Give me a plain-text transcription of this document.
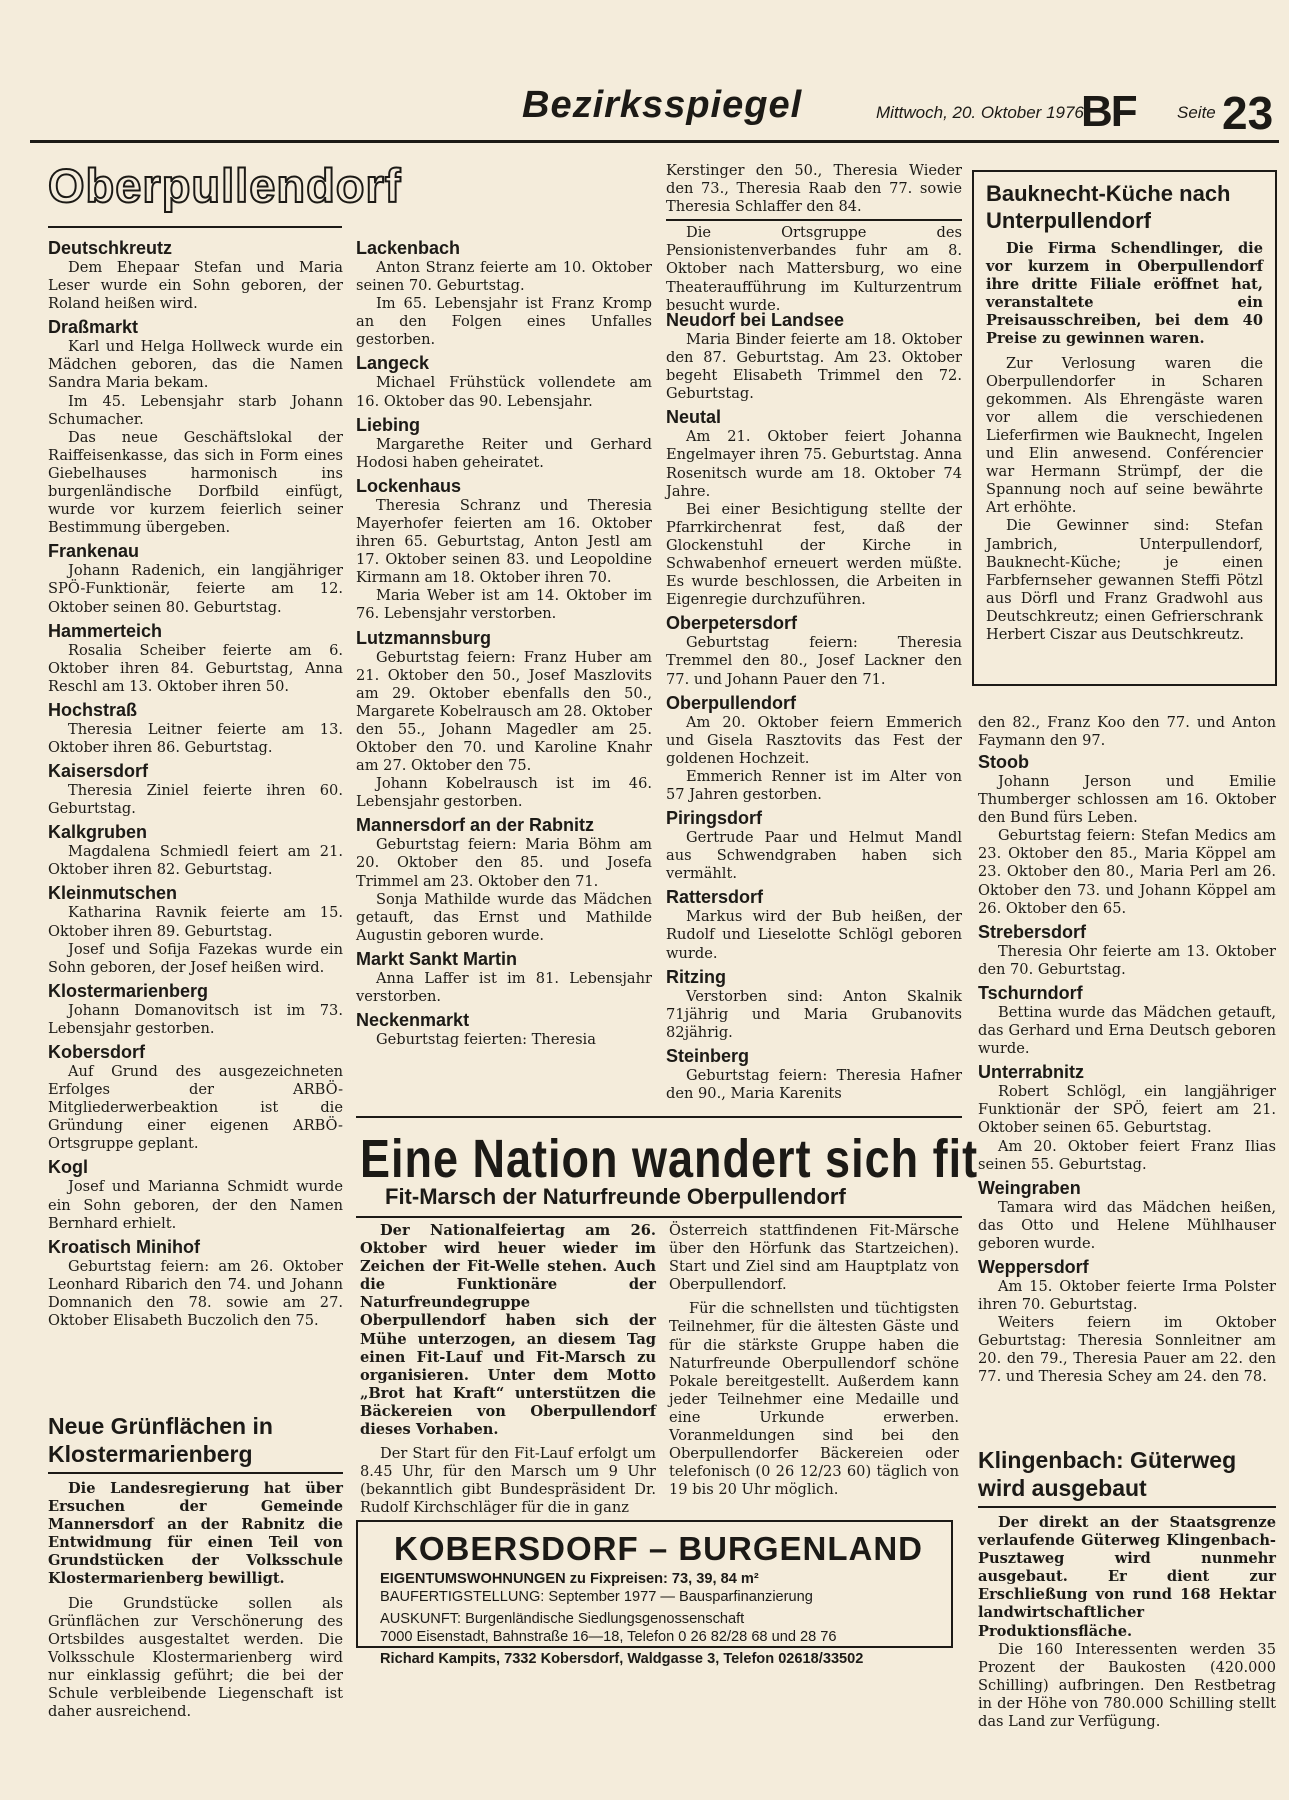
Bezirksspiegel	Mittwoch, 20. Oktober 1976
BF Seite 23
Oberpullendorf
Deutschkreutz

Dem Ehepaar Stefan und Maria Leser wurde ein Sohn geboren, der Roland heißen wird.

Draßmarkt

Karl und Helga Hollweck wurde ein Mädchen geboren, das die Namen Sandra Maria bekam.

Im 45. Lebensjahr starb Johann Schumacher.

Das neue Geschäftslokal der Raiffeisenkasse, das sich in Form eines Giebelhauses harmonisch ins burgenländische Dorfbild einfügt, wurde vor kurzem feierlich seiner Bestimmung übergeben.

Frankenau

Johann Radenich, ein langjähriger SPÖ-Funktionär, feierte am 12. Oktober seinen 80. Geburtstag.

Hammerteich

Rosalia Scheiber feierte am 6. Oktober ihren 84. Geburtstag, Anna Reschl am 13. Oktober ihren 50.

Hochstraß

Theresia Leitner feierte am 13. Oktober ihren 86. Geburtstag.

Kaisersdorf

Theresia Ziniel feierte ihren 60. Geburtstag.

Kalkgruben

Magdalena Schmiedl feiert am 21. Oktober ihren 82. Geburtstag.

Kleinmutschen

Katharina Ravnik feierte am 15. Oktober ihren 89. Geburtstag.

Josef und Sofija Fazekas wurde ein Sohn geboren, der Josef heißen wird.

Klostermarienberg

Johann Domanovitsch ist im 73. Lebensjahr gestorben.

Kobersdorf

Auf Grund des ausgezeichneten Erfolges der ARBÖ-Mitgliederwerbeaktion ist die Gründung einer eigenen ARBÖ-Ortsgruppe geplant.

Kogl

Josef und Marianna Schmidt wurde ein Sohn geboren, der den Namen Bernhard erhielt.

Kroatisch Minihof

Geburtstag feiern: am 26. Oktober Leonhard Ribarich den 74. und Johann Domnanich den 78. sowie am 27. Oktober Elisabeth Buczolich den 75.

Neue Grünflächen in Klostermarienberg

Die Landesregierung hat über Ersuchen der Gemeinde Mannersdorf an der Rabnitz die Entwidmung für einen Teil von Grundstücken der Volksschule Klostermarienberg bewilligt.

Die Grundstücke sollen als Grünflächen zur Verschönerung des Ortsbildes ausgestaltet werden. Die Volksschule Klostermarienberg wird nur einklassig geführt; die bei der Schule verbleibende Liegenschaft ist daher ausreichend.

Lackenbach

Anton Stranz feierte am 10. Oktober seinen 70. Geburtstag.

Im 65. Lebensjahr ist Franz Kromp an den Folgen eines Unfalles gestorben.

Langeck

Michael Frühstück vollendete am 16. Oktober das 90. Lebensjahr.

Liebing

Margarethe Reiter und Gerhard Hodosi haben geheiratet.

Lockenhaus

Theresia Schranz und Theresia Mayerhofer feierten am 16. Oktober ihren 65. Geburtstag, Anton Jestl am 17. Oktober seinen 83. und Leopoldine Kirmann am 18. Oktober ihren 70.

Maria Weber ist am 14. Oktober im 76. Lebensjahr verstorben.

Lutzmannsburg

Geburtstag feiern: Franz Huber am 21. Oktober den 50., Josef Maszlovits am 29. Oktober ebenfalls den 50., Margarete Kobelrausch am 28. Oktober den 55., Johann Magedler am 25. Oktober den 70. und Karoline Knahr am 27. Oktober den 75.

Johann Kobelrausch ist im 46. Lebensjahr gestorben.

Mannersdorf an der Rabnitz

Geburtstag feiern: Maria Böhm am 20. Oktober den 85. und Josefa Trimmel am 23. Oktober den 71.

Sonja Mathilde wurde das Mädchen getauft, das Ernst und Mathilde Augustin geboren wurde.

Markt Sankt Martin

Anna Laffer ist im 81. Lebensjahr verstorben.

Neckenmarkt

Geburtstag feierten: Theresia

Kerstinger den 50., Theresia Wieder den 73., Theresia Raab den 77. sowie Theresia Schlaffer den 84.

Die Ortsgruppe des Pensionistenverbandes fuhr am 8. Oktober nach Mattersburg, wo eine Theateraufführung im Kulturzentrum besucht wurde.

Neudorf bei Landsee

Maria Binder feierte am 18. Oktober den 87. Geburtstag. Am 23. Oktober begeht Elisabeth Trimmel den 72. Geburtstag.

Neutal

Am 21. Oktober feiert Johanna Engelmayer ihren 75. Geburtstag. Anna Rosenitsch wurde am 18. Oktober 74 Jahre.

Bei einer Besichtigung stellte der Pfarrkirchenrat fest, daß der Glockenstuhl der Kirche in Schwabenhof erneuert werden müßte. Es wurde beschlossen, die Arbeiten in Eigenregie durchzuführen.

Oberpetersdorf

Geburtstag feiern: Theresia Tremmel den 80., Josef Lackner den 77. und Johann Pauer den 71.

Oberpullendorf

Am 20. Oktober feiern Emmerich und Gisela Rasztovits das Fest der goldenen Hochzeit.

Emmerich Renner ist im Alter von 57 Jahren gestorben.

Piringsdorf

Gertrude Paar und Helmut Mandl aus Schwendgraben haben sich vermählt.

Rattersdorf

Markus wird der Bub heißen, der Rudolf und Lieselotte Schlögl geboren wurde.

Ritzing

Verstorben sind: Anton Skalnik 71jährig und Maria Grubanovits 82jährig.

Steinberg

Geburtstag feiern: Theresia Hafner den 90., Maria Karenits

Bauknecht-Küche nach Unterpullendorf

Die Firma Schendlinger, die vor kurzem in Oberpullendorf ihre dritte Filiale eröffnet hat, veranstaltete ein Preisausschreiben, bei dem 40 Preise zu gewinnen waren.

Zur Verlosung waren die Oberpullendorfer in Scharen gekommen. Als Ehrengäste waren vor allem die verschiedenen Lieferfirmen wie Bauknecht, Ingelen und Elin anwesend. Conférencier war Hermann Strümpf, der die Spannung noch auf seine bewährte Art erhöhte.

Die Gewinner sind: Stefan Jambrich, Unterpullendorf, Bauknecht-Küche; je einen Farbfernseher gewannen Steffi Pötzl aus Dörfl und Franz Gradwohl aus Deutschkreutz; einen Gefrierschrank Herbert Ciszar aus Deutschkreutz.

den 82., Franz Koo den 77. und Anton Faymann den 97.

Stoob

Johann Jerson und Emilie Thumberger schlossen am 16. Oktober den Bund fürs Leben.

Geburtstag feiern: Stefan Medics am 23. Oktober den 85., Maria Köppel am 23. Oktober den 80., Maria Perl am 26. Oktober den 73. und Johann Köppel am 26. Oktober den 65.

Strebersdorf

Theresia Ohr feierte am 13. Oktober den 70. Geburtstag.

Tschurndorf

Bettina wurde das Mädchen getauft, das Gerhard und Erna Deutsch geboren wurde.

Unterrabnitz

Robert Schlögl, ein langjähriger Funktionär der SPÖ, feiert am 21. Oktober seinen 65. Geburtstag.

Am 20. Oktober feiert Franz Ilias seinen 55. Geburtstag.

Weingraben

Tamara wird das Mädchen heißen, das Otto und Helene Mühlhauser geboren wurde.

Weppersdorf

Am 15. Oktober feierte Irma Polster ihren 70. Geburtstag.

Weiters feiern im Oktober Geburtstag: Theresia Sonnleitner am 20. den 79., Theresia Pauer am 22. den 77. und Theresia Schey am 24. den 78.

Klingenbach: Güterweg wird ausgebaut

Der direkt an der Staatsgrenze verlaufende Güterweg Klingenbach-Pusztaweg wird nunmehr ausgebaut. Er dient zur Erschließung von rund 168 Hektar landwirtschaftlicher Produktionsfläche.

Die 160 Interessenten werden 35 Prozent der Baukosten (420.000 Schilling) aufbringen. Den Restbetrag in der Höhe von 780.000 Schilling stellt das Land zur Verfügung.

Eine Nation wandert sich fit
Fit-Marsch der Naturfreunde Oberpullendorf

Der Nationalfeiertag am 26. Oktober wird heuer wieder im Zeichen der Fit-Welle stehen. Auch die Funktionäre der Naturfreundegruppe Oberpullendorf haben sich der Mühe unterzogen, an diesem Tag einen Fit-Lauf und Fit-Marsch zu organisieren. Unter dem Motto „Brot hat Kraft“ unterstützen die Bäckereien von Oberpullendorf dieses Vorhaben.

Der Start für den Fit-Lauf erfolgt um 8.45 Uhr, für den Marsch um 9 Uhr (bekanntlich gibt Bundespräsident Dr. Rudolf Kirchschläger für die in ganz

Österreich stattfindenen Fit-Märsche über den Hörfunk das Startzeichen). Start und Ziel sind am Hauptplatz von Oberpullendorf.

Für die schnellsten und tüchtigsten Teilnehmer, für die ältesten Gäste und für die stärkste Gruppe haben die Naturfreunde Oberpullendorf schöne Pokale bereitgestellt. Außerdem kann jeder Teilnehmer eine Medaille und eine Urkunde erwerben. Voranmeldungen sind bei den Oberpullendorfer Bäckereien oder telefonisch (0 26 12/23 60) täglich von 19 bis 20 Uhr möglich.

KOBERSDORF – BURGENLAND

EIGENTUMSWOHNUNGEN zu Fixpreisen: 73, 39, 84 m²

BAUFERTIGSTELLUNG: September 1977 — Bausparfinanzierung

AUSKUNFT: Burgenländische Siedlungsgenossenschaft

7000 Eisenstadt, Bahnstraße 16—18, Telefon 0 26 82/28 68 und 28 76

Richard Kampits, 7332 Kobersdorf, Waldgasse 3, Telefon 02618/33502
